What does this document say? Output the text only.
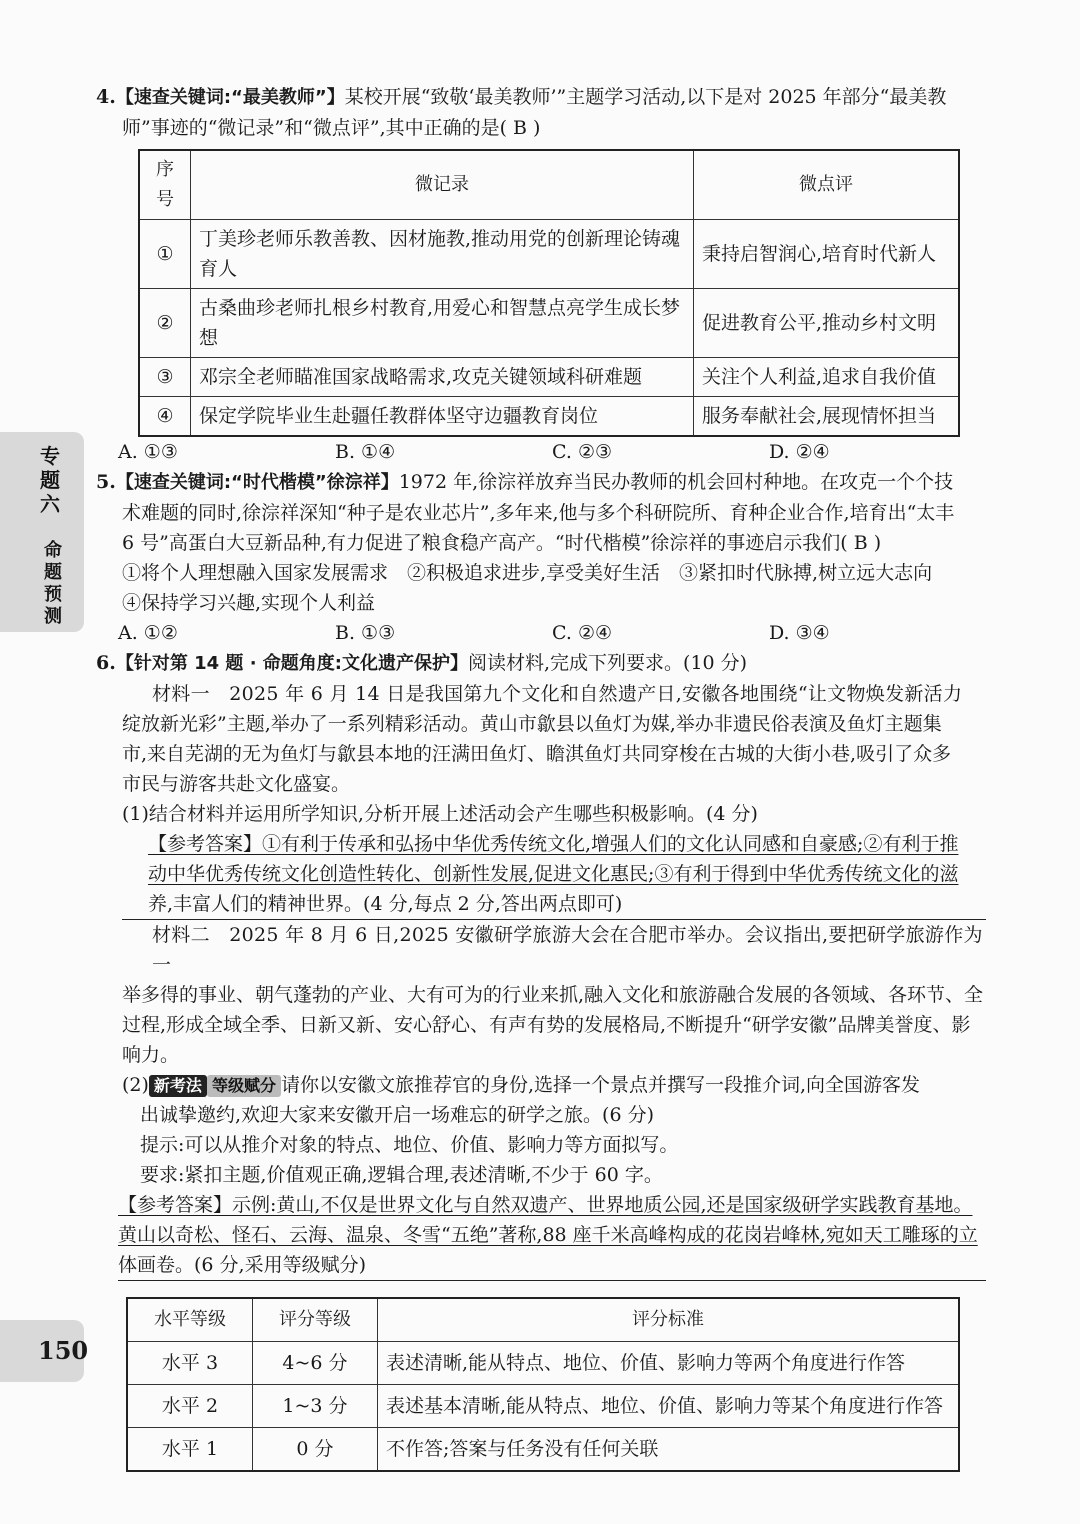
专题六
命题预测
150

4.【速查关键词:“最美教师”】某校开展“致敬‘最美教师’”主题学习活动,以下是对 2025 年部分“最美教

师”事迹的“微记录”和“微点评”,其中正确的是( B )

序号	微记录	微点评
①	丁美珍老师乐教善教、因材施教,推动用党的创新理论铸魂育人	秉持启智润心,培育时代新人
②	古桑曲珍老师扎根乡村教育,用爱心和智慧点亮学生成长梦想	促进教育公平,推动乡村文明
③	邓宗全老师瞄准国家战略需求,攻克关键领域科研难题	关注个人利益,追求自我价值
④	保定学院毕业生赴疆任教群体坚守边疆教育岗位	服务奉献社会,展现情怀担当
A. ①③	B. ①④	C. ②③	D. ②④

5.【速查关键词:“时代楷模”徐淙祥】1972 年,徐淙祥放弃当民办教师的机会回村种地。在攻克一个个技

术难题的同时,徐淙祥深知“种子是农业芯片”,多年来,他与多个科研院所、育种企业合作,培育出“太丰

6 号”高蛋白大豆新品种,有力促进了粮食稳产高产。“时代楷模”徐淙祥的事迹启示我们( B )

①将个人理想融入国家发展需求　②积极追求进步,享受美好生活　③紧扣时代脉搏,树立远大志向

④保持学习兴趣,实现个人利益

A. ①②	B. ①③	C. ②④	D. ③④

6.【针对第 14 题 · 命题角度:文化遗产保护】阅读材料,完成下列要求。(10 分)

材料一　2025 年 6 月 14 日是我国第九个文化和自然遗产日,安徽各地围绕“让文物焕发新活力

绽放新光彩”主题,举办了一系列精彩活动。黄山市歙县以鱼灯为媒,举办非遗民俗表演及鱼灯主题集

市,来自芜湖的无为鱼灯与歙县本地的汪满田鱼灯、瞻淇鱼灯共同穿梭在古城的大街小巷,吸引了众多

市民与游客共赴文化盛宴。

(1)结合材料并运用所学知识,分析开展上述活动会产生哪些积极影响。(4 分)

【参考答案】①有利于传承和弘扬中华优秀传统文化,增强人们的文化认同感和自豪感;②有利于推

动中华优秀传统文化创造性转化、创新性发展,促进文化惠民;③有利于得到中华优秀传统文化的滋

养,丰富人们的精神世界。(4 分,每点 2 分,答出两点即可)

材料二　2025 年 8 月 6 日,2025 安徽研学旅游大会在合肥市举办。会议指出,要把研学旅游作为一

举多得的事业、朝气蓬勃的产业、大有可为的行业来抓,融入文化和旅游融合发展的各领域、各环节、全

过程,形成全域全季、日新又新、安心舒心、有声有势的发展格局,不断提升“研学安徽”品牌美誉度、影响力。

(2) 新考法 等级赋分 请你以安徽文旅推荐官的身份,选择一个景点并撰写一段推介词,向全国游客发

出诚挚邀约,欢迎大家来安徽开启一场难忘的研学之旅。(6 分)

提示:可以从推介对象的特点、地位、价值、影响力等方面拟写。

要求:紧扣主题,价值观正确,逻辑合理,表述清晰,不少于 60 字。

【参考答案】示例:黄山,不仅是世界文化与自然双遗产、世界地质公园,还是国家级研学实践教育基地。

黄山以奇松、怪石、云海、温泉、冬雪“五绝”著称,88 座千米高峰构成的花岗岩峰林,宛如天工雕琢的立

体画卷。(6 分,采用等级赋分)

水平等级	评分等级	评分标准
水平 3	4~6 分	表述清晰,能从特点、地位、价值、影响力等两个角度进行作答
水平 2	1~3 分	表述基本清晰,能从特点、地位、价值、影响力等某个角度进行作答
水平 1	0 分	不作答;答案与任务没有任何关联
